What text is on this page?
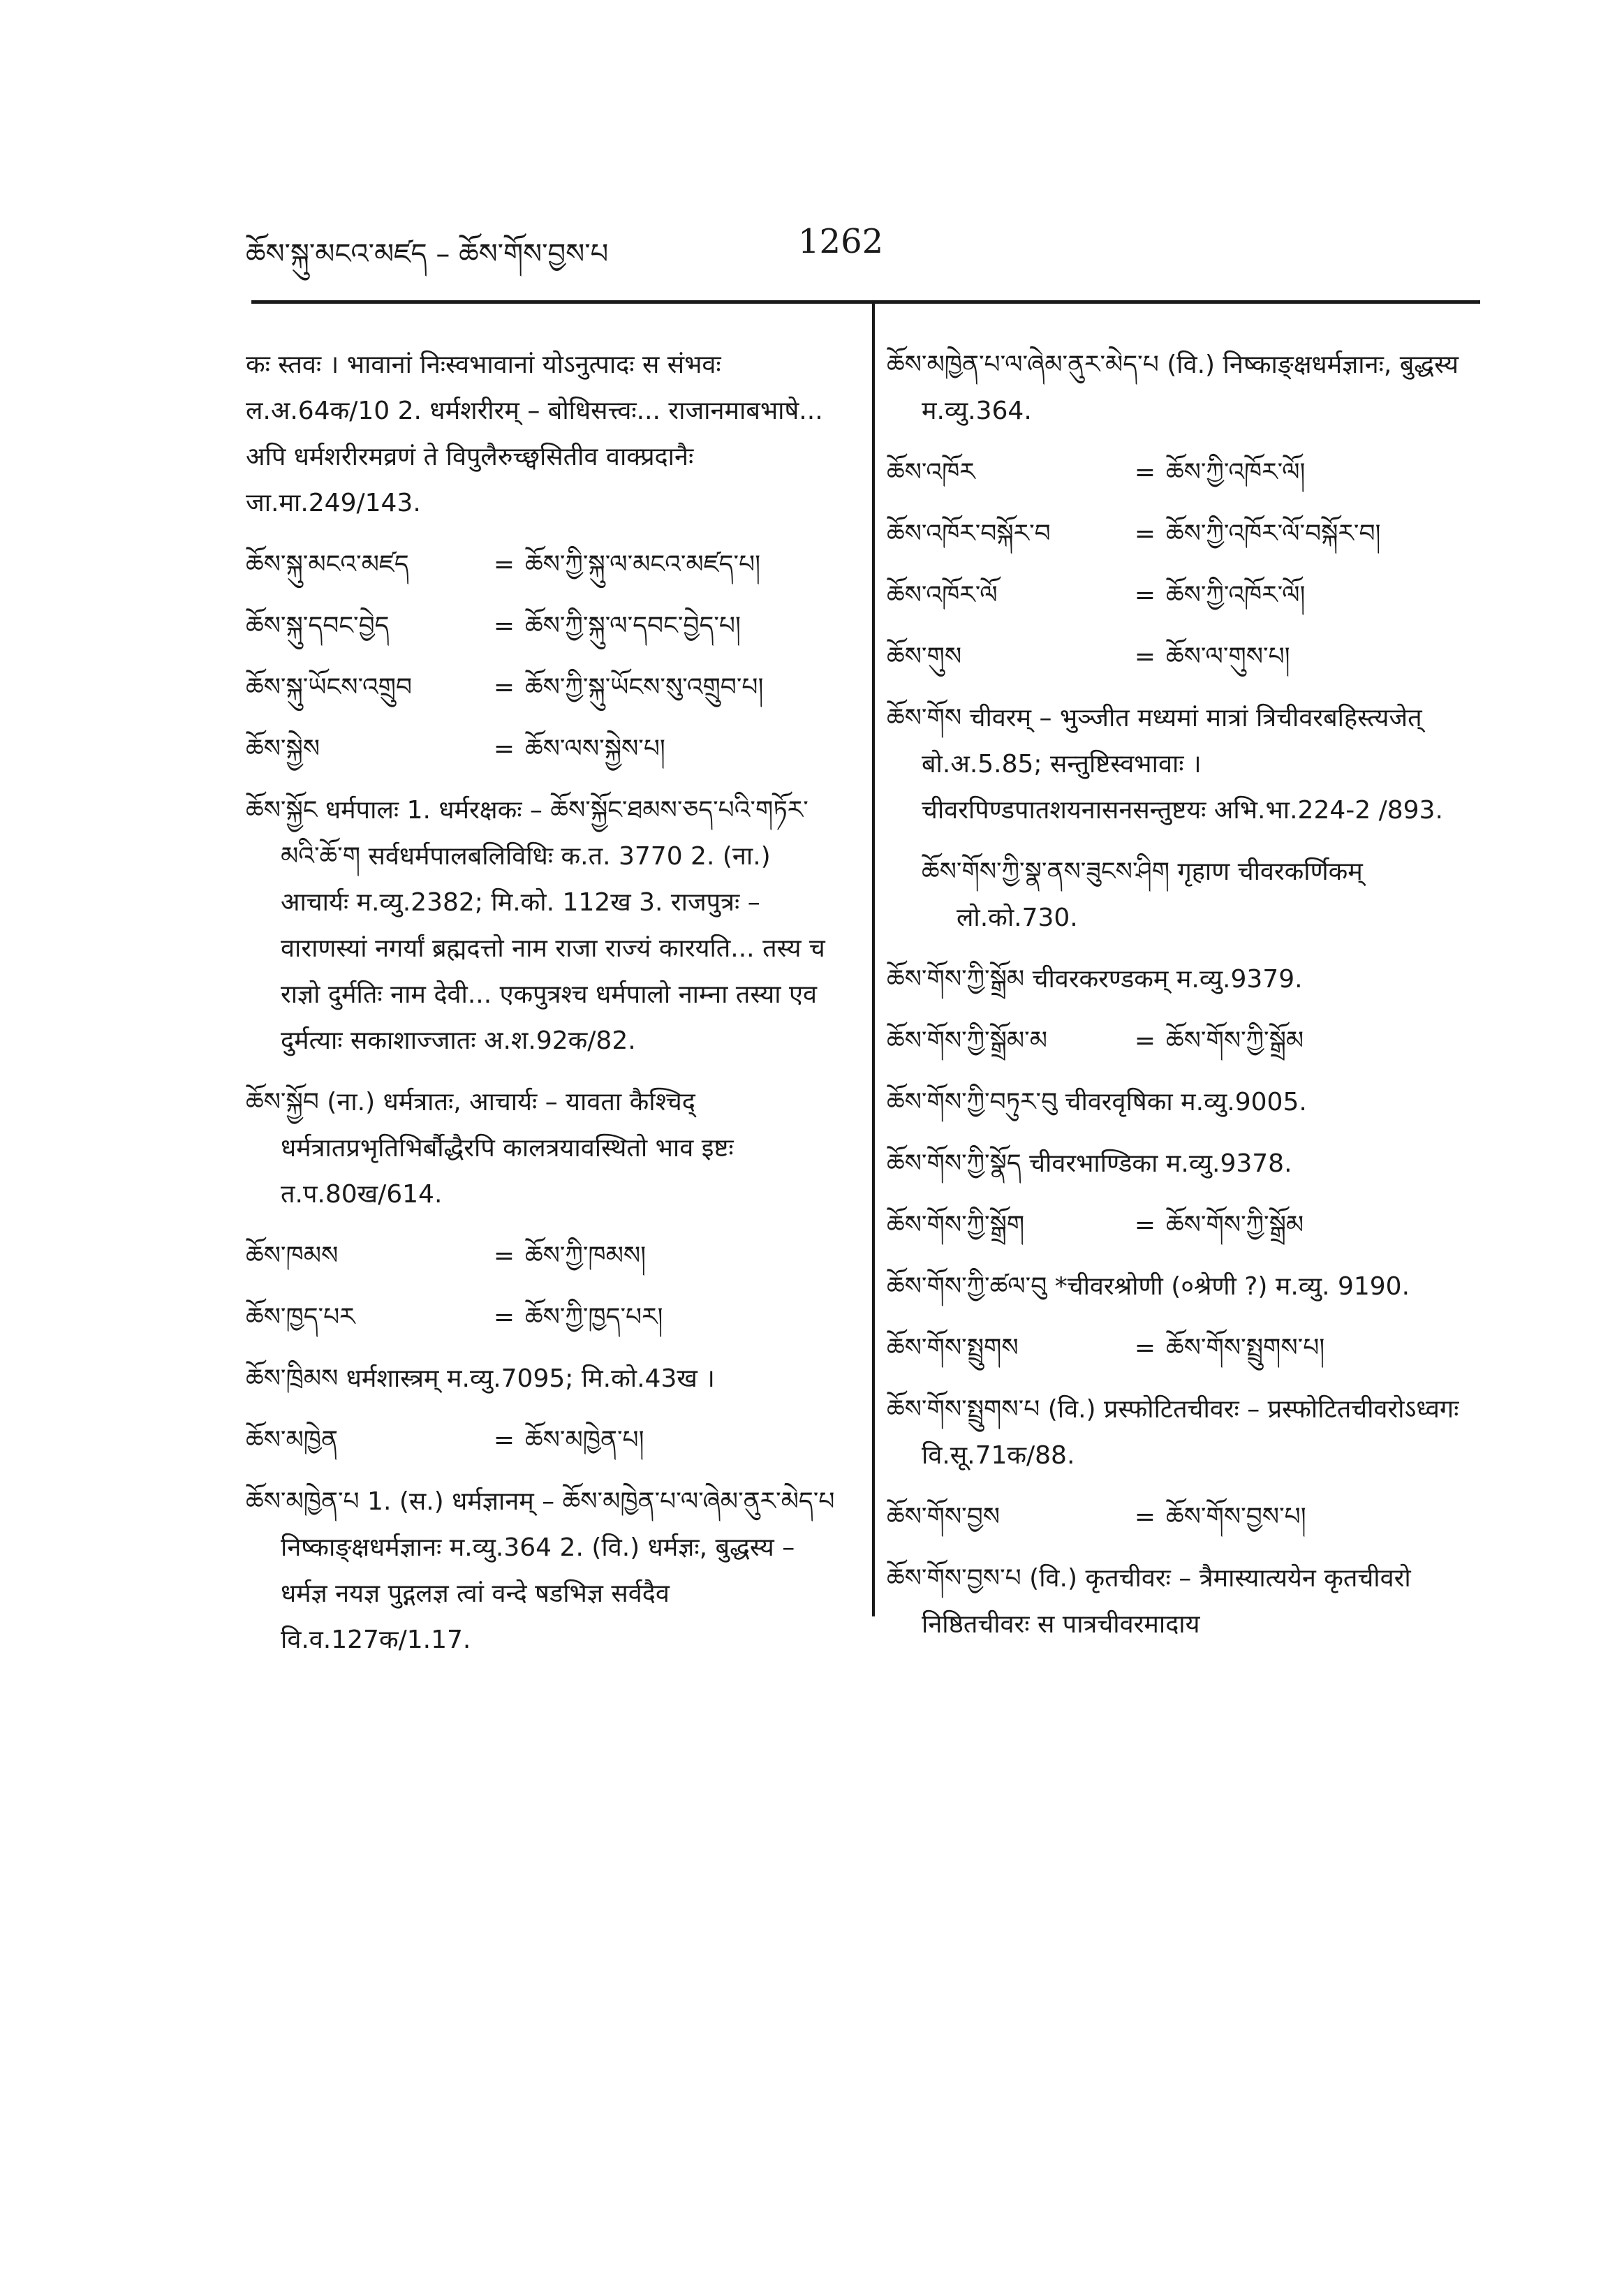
ཆོས་སྐུ་མངའ་མཛད – ཆོས་གོས་བྱས་པ	1262
कः स्तवः । भावानां निःस्वभावानां योऽनुत्पादः स संभवः ल.अ.64क/10 2. धर्मशरीरम् – बोधिसत्त्वः... राजानमाबभाषे... अपि धर्मशरीरमव्रणं ते विपुलैरुच्छ्वसितीव वाक्प्रदानैः जा.मा.249/143.
ཆོས་སྐུ་མངའ་མཛད	= ཆོས་ཀྱི་སྐུ་ལ་མངའ་མཛད་པ།
ཆོས་སྐུ་དབང་བྱེད	= ཆོས་ཀྱི་སྐུ་ལ་དབང་བྱེད་པ།
ཆོས་སྐུ་ཡོངས་འགྲུབ	= ཆོས་ཀྱི་སྐུ་ཡོངས་སུ་འགྲུབ་པ།
ཆོས་སྐྱེས	= ཆོས་ལས་སྐྱེས་པ།
ཆོས་སྐྱོང धर्मपालः 1. धर्मरक्षकः – ཆོས་སྐྱོང་ཐམས་ཅད་པའི་གཏོར་མའི་ཆོ་ག सर्वधर्मपालबलिविधिः क.त. 3770 2. (ना.) आचार्यः म.व्यु.2382; मि.को. 112ख 3. राजपुत्रः – वाराणस्यां नगर्यां ब्रह्मदत्तो नाम राजा राज्यं कारयति... तस्य च राज्ञो दुर्मतिः नाम देवी... एकपुत्रश्च धर्मपालो नाम्ना तस्या एव दुर्मत्याः सकाशाज्जातः अ.श.92क/82.
ཆོས་སྐྱོབ (ना.) धर्मत्रातः, आचार्यः – यावता कैश्चिद् धर्मत्रातप्रभृतिभिर्बौद्धैरपि कालत्रयावस्थितो भाव इष्टः त.प.80ख/614.
ཆོས་ཁམས	= ཆོས་ཀྱི་ཁམས།
ཆོས་ཁྱད་པར	= ཆོས་ཀྱི་ཁྱད་པར།
ཆོས་ཁྲིམས धर्मशास्त्रम् म.व्यु.7095; मि.को.43ख ।
ཆོས་མཁྱེན	= ཆོས་མཁྱེན་པ།
ཆོས་མཁྱེན་པ 1. (स.) धर्मज्ञानम् – ཆོས་མཁྱེན་པ་ལ་ཞེམ་ནུར་མེད་པ निष्काङ्क्षधर्मज्ञानः म.व्यु.364 2. (वि.) धर्मज्ञः, बुद्धस्य – धर्मज्ञ नयज्ञ पुद्गलज्ञ त्वां वन्दे षडभिज्ञ सर्वदैव वि.व.127क/1.17.
ཆོས་མཁྱེན་པ་ལ་ཞེམ་ནུར་མེད་པ (वि.) निष्काङ्क्षधर्मज्ञानः, बुद्धस्य म.व्यु.364.
ཆོས་འཁོར	= ཆོས་ཀྱི་འཁོར་ལོ།
ཆོས་འཁོར་བསྐོར་བ	= ཆོས་ཀྱི་འཁོར་ལོ་བསྐོར་བ།
ཆོས་འཁོར་ལོ	= ཆོས་ཀྱི་འཁོར་ལོ།
ཆོས་གུས	= ཆོས་ལ་གུས་པ།
ཆོས་གོས चीवरम् – भुञ्जीत मध्यमां मात्रां त्रिचीवरबहिस्त्यजेत् बो.अ.5.85; सन्तुष्टिस्वभावाः । चीवरपिण्डपातशयनासनसन्तुष्टयः अभि.भा.224-2 /893.
ཆོས་གོས་ཀྱི་སྣ་ནས་ཟུངས་ཤིག गृहाण चीवरकर्णिकम् लो.को.730.
ཆོས་གོས་ཀྱི་སྒྲོམ चीवरकरण्डकम् म.व्यु.9379.
ཆོས་གོས་ཀྱི་སྒྲོམ་མ	= ཆོས་གོས་ཀྱི་སྒྲོམ
ཆོས་གོས་ཀྱི་བཏུར་བུ चीवरवृषिका म.व्यु.9005.
ཆོས་གོས་ཀྱི་སྣོད चीवरभाण्डिका म.व्यु.9378.
ཆོས་གོས་ཀྱི་སྒྲོག	= ཆོས་གོས་ཀྱི་སྒྲོམ
ཆོས་གོས་ཀྱི་ཚལ་བུ *चीवरश्रोणी (०श्रेणी ?) म.व्यु. 9190.
ཆོས་གོས་སྤྲུགས	= ཆོས་གོས་སྤྲུགས་པ།
ཆོས་གོས་སྤྲུགས་པ (वि.) प्रस्फोटितचीवरः – प्रस्फोटितचीवरोऽध्वगः वि.सू.71क/88.
ཆོས་གོས་བྱས	= ཆོས་གོས་བྱས་པ།
ཆོས་གོས་བྱས་པ (वि.) कृतचीवरः – त्रैमास्यात्ययेन कृतचीवरो निष्ठितचीवरः स पात्रचीवरमादाय
